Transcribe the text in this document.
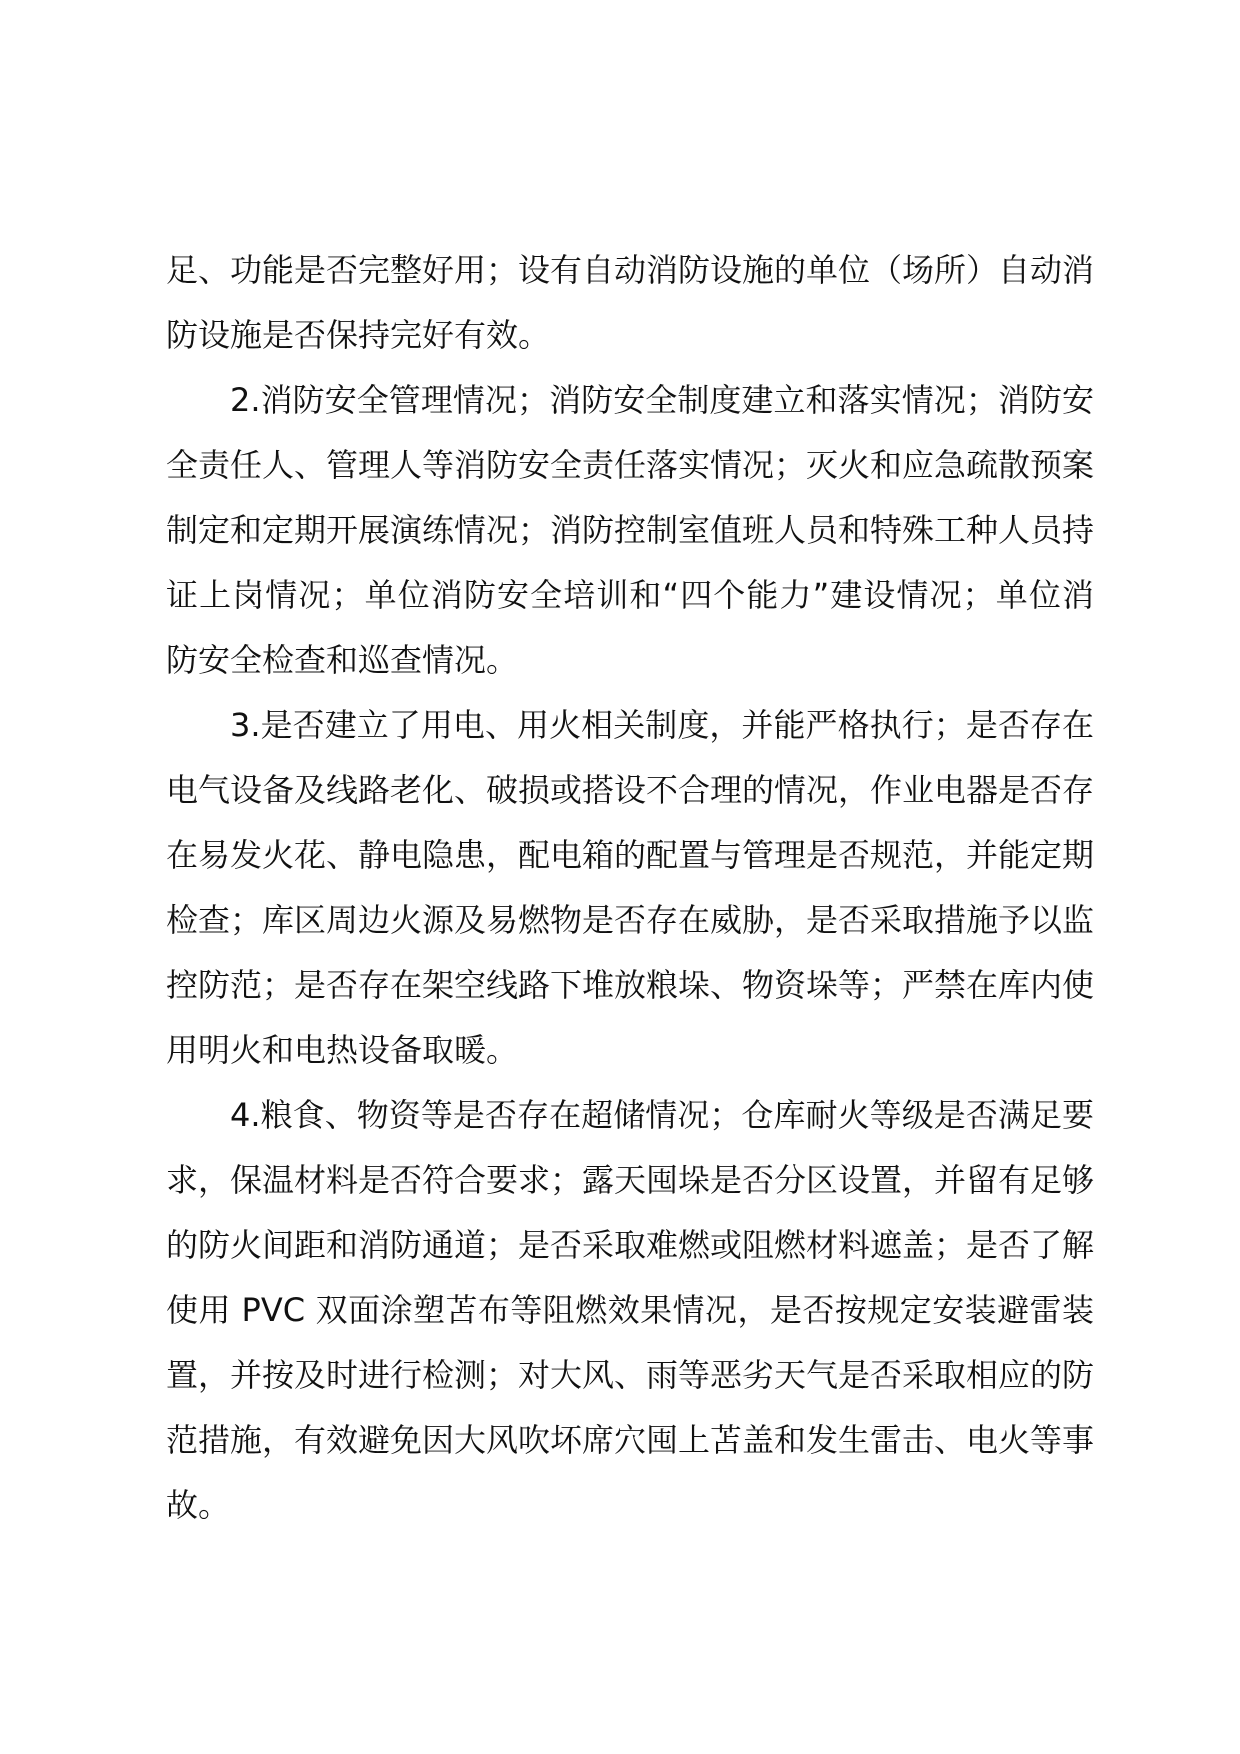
足、功能是否完整好用；设有自动消防设施的单位（场所）自动消防设施是否保持完好有效。

2.消防安全管理情况；消防安全制度建立和落实情况；消防安全责任人、管理人等消防安全责任落实情况；灭火和应急疏散预案制定和定期开展演练情况；消防控制室值班人员和特殊工种人员持证上岗情况；单位消防安全培训和“四个能力”建设情况；单位消防安全检查和巡查情况。

3.是否建立了用电、用火相关制度，并能严格执行；是否存在电气设备及线路老化、破损或搭设不合理的情况，作业电器是否存在易发火花、静电隐患，配电箱的配置与管理是否规范，并能定期检查；库区周边火源及易燃物是否存在威胁，是否采取措施予以监控防范；是否存在架空线路下堆放粮垛、物资垛等；严禁在库内使用明火和电热设备取暖。

4.粮食、物资等是否存在超储情况；仓库耐火等级是否满足要求，保温材料是否符合要求；露天囤垛是否分区设置，并留有足够的防火间距和消防通道；是否采取难燃或阻燃材料遮盖；是否了解使用 PVC 双面涂塑苫布等阻燃效果情况，是否按规定安装避雷装置，并按及时进行检测；对大风、雨等恶劣天气是否采取相应的防范措施，有效避免因大风吹坏席穴囤上苫盖和发生雷击、电火等事故。
